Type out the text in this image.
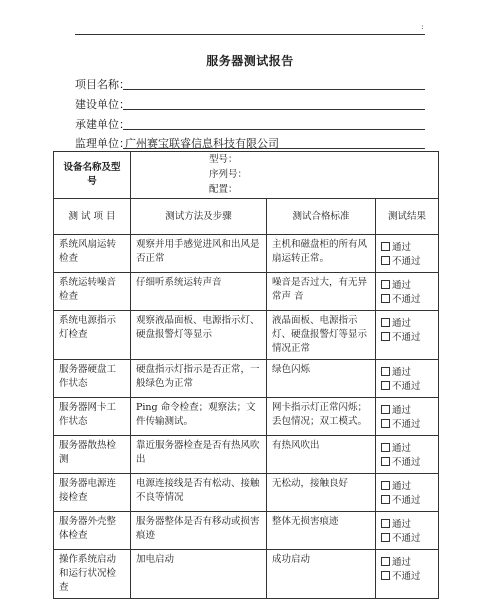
:
服务器测试报告
项目名称：
建设单位：
承建单位：
监理单位：
广州赛宝联睿信息科技有限公司
设备名称及型号	型号：
序列号：
配置：		

测 试 项 目	测试方法及步骤	测试合格标准	测试结果
系统风扇运转检查	观察并用手感觉进风和出风是否正常	主机和磁盘柜的所有风扇运转正常。	通过
不通过

系统运转噪音检查	仔细听系统运转声音	噪音是否过大，有无异常声 音	通过
不通过

系统电源指示灯检查	观察液晶面板、电源指示灯、硬盘报警灯等显示	液晶面板、电源指示灯、硬盘报警灯等显示情况正常	通过
不通过

服务器硬盘工作状态	硬盘指示灯指示是否正常，一般绿色为正常	绿色闪烁	通过
不通过

服务器网卡工作状态	Ping 命令检查；观察法；文件传输测试。	网卡指示灯正常闪烁；丢包情况；双工模式。	通过
不通过

服务器散热检测	靠近服务器检查是否有热风吹出	有热风吹出	通过
不通过

服务器电源连接检查	电源连接线是否有松动、接触不良等情况	无松动，接触良好	通过
不通过

服务器外壳整体检查	服务器整体是否有移动或损害痕迹	整体无损害痕迹	通过
不通过

操作系统启动和运行状况检查	加电启动	成功启动	通过
不通过
